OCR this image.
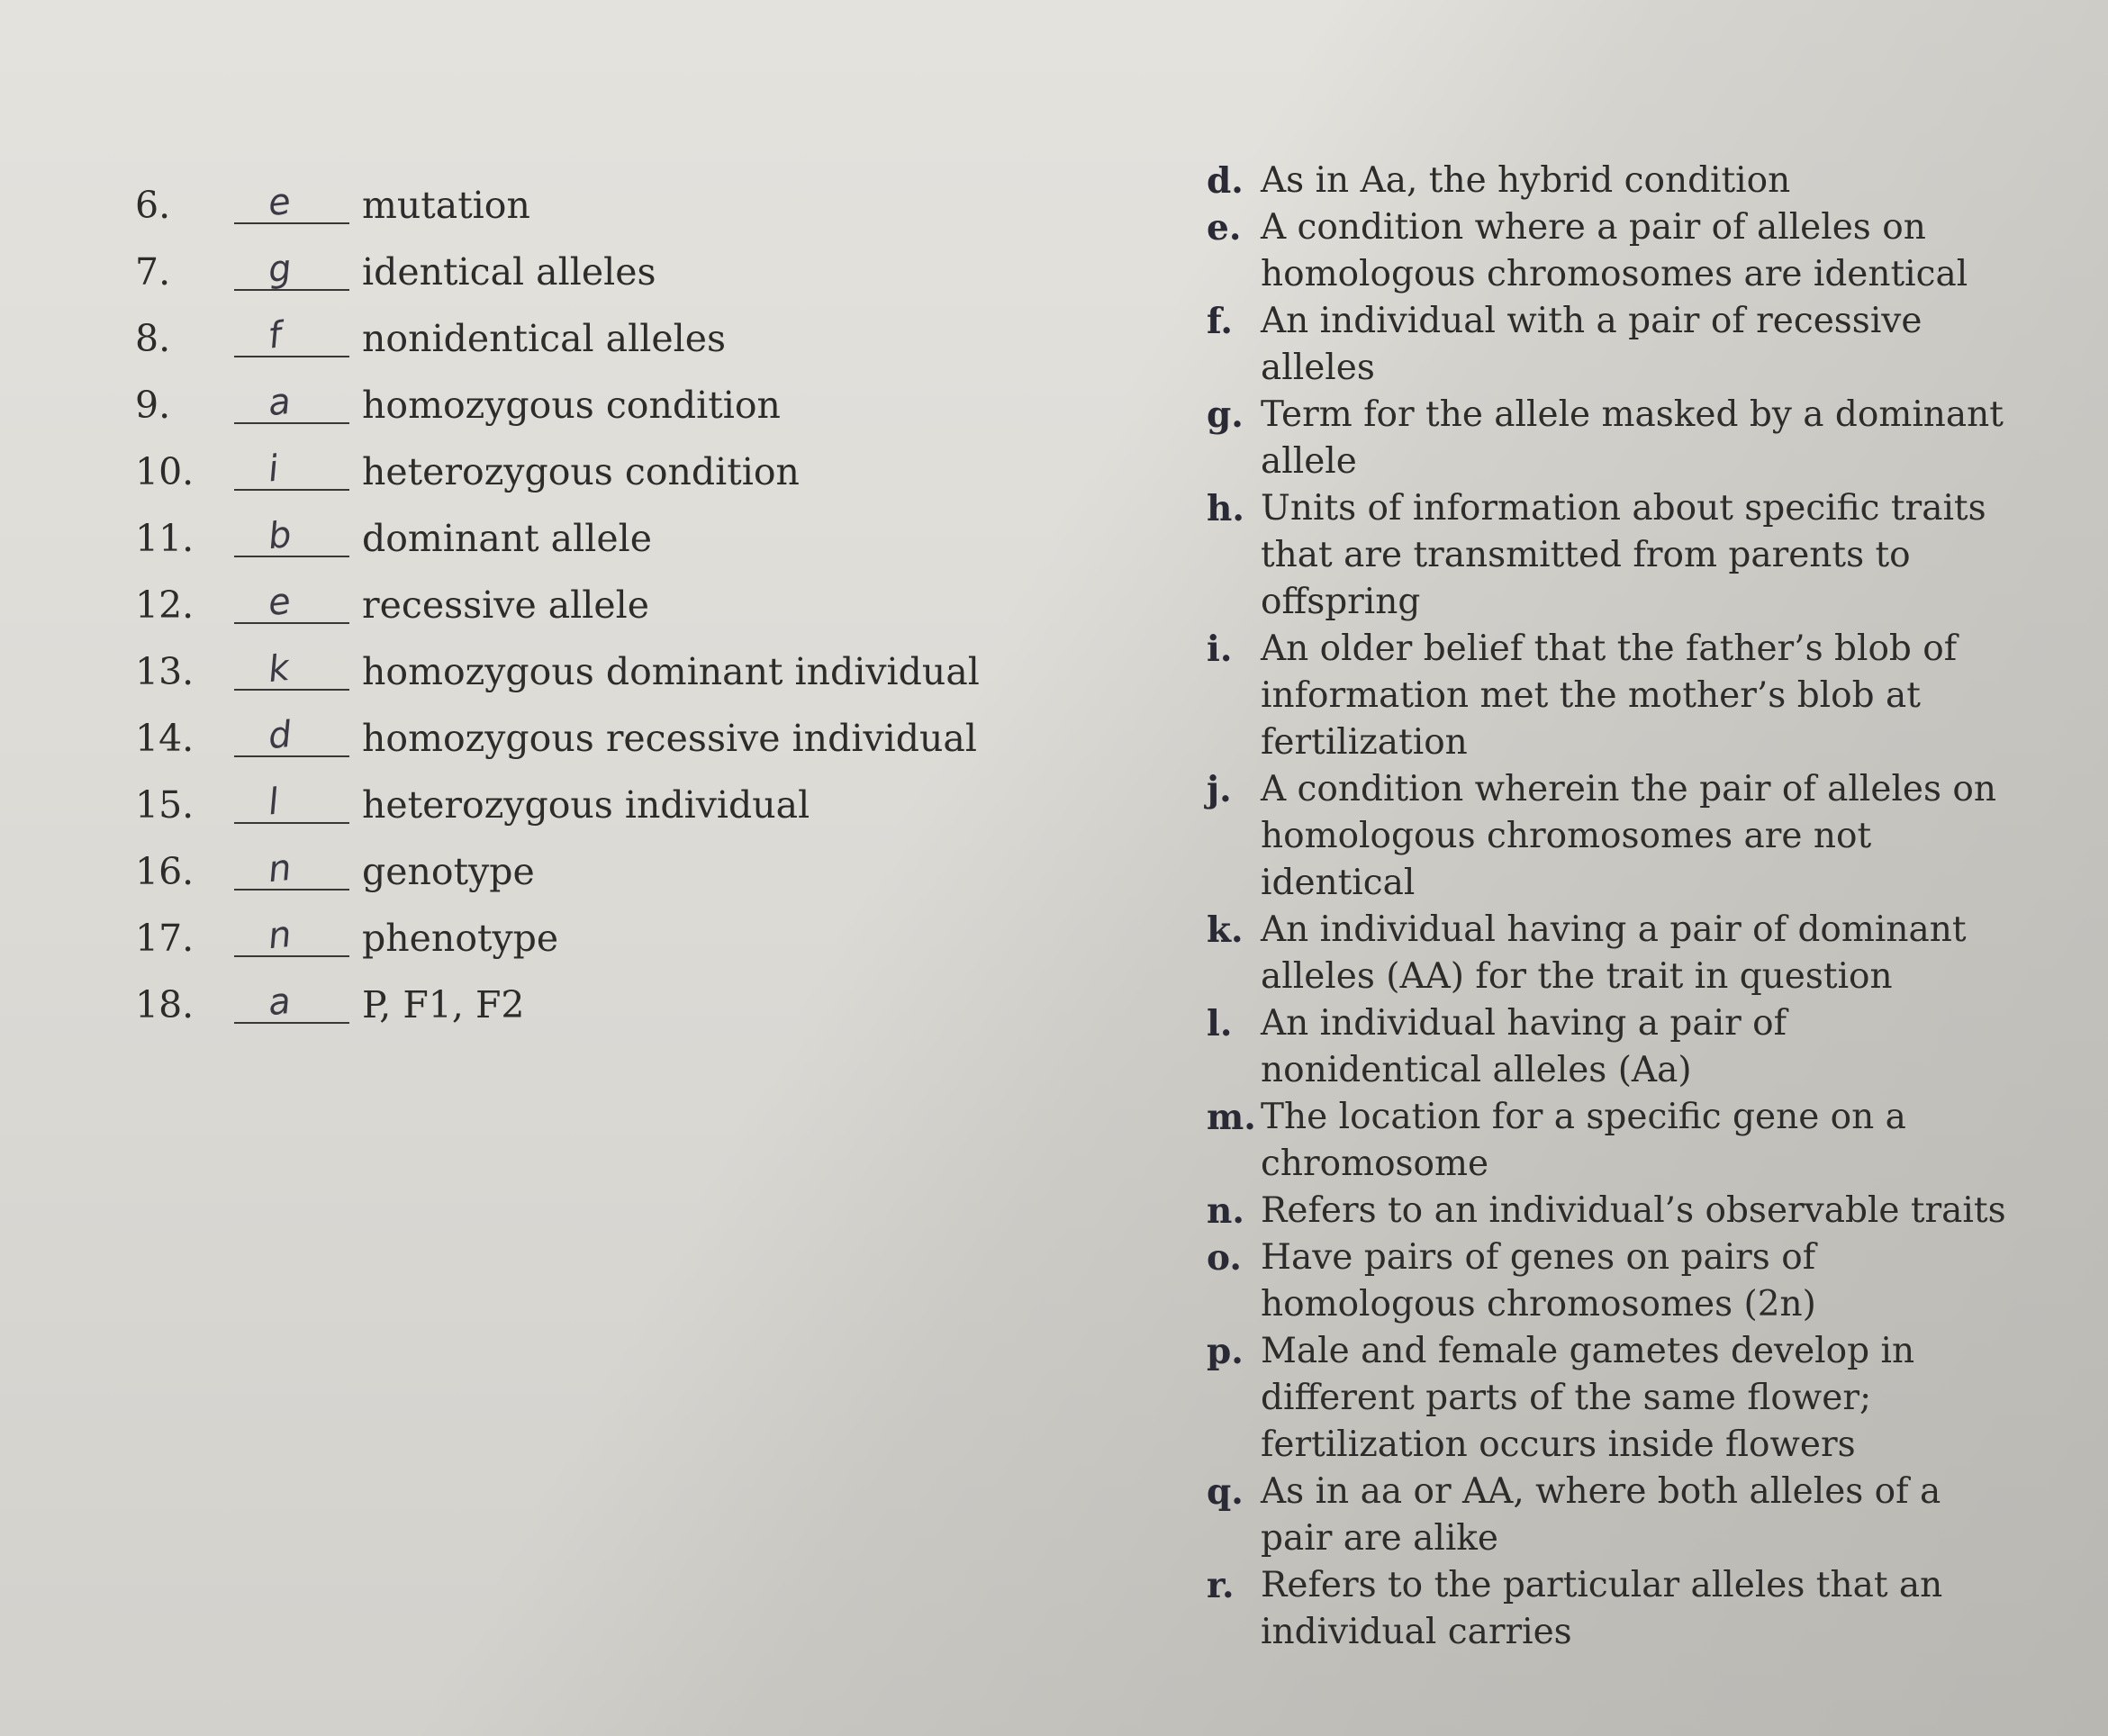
6.	e mutation
7.	g identical alleles
8.	f nonidentical alleles
9.	a homozygous condition
10.	i heterozygous condition
11.	b dominant allele
12.	e recessive allele
13.	k homozygous dominant individual
14.	d homozygous recessive individual
15.	l heterozygous individual
16.	n genotype
17.	n phenotype
18.	a P, F1, F2
d. As in Aa, the hybrid condition
e. A condition where a pair of alleles on homologous chromosomes are identical
f. An individual with a pair of recessive alleles
g. Term for the allele masked by a dominant allele
h. Units of information about specific traits that are transmitted from parents to offspring
i. An older belief that the father’s blob of information met the mother’s blob at fertilization
j. A condition wherein the pair of alleles on homologous chromosomes are not identical
k. An individual having a pair of dominant alleles (AA) for the trait in question
l. An individual having a pair of nonidentical alleles (Aa)
m. The location for a specific gene on a chromosome
n. Refers to an individual’s observable traits
o. Have pairs of genes on pairs of homologous chromosomes (2n)
p. Male and female gametes develop in different parts of the same flower; fertilization occurs inside flowers
q. As in aa or AA, where both alleles of a pair are alike
r. Refers to the particular alleles that an individual carries
